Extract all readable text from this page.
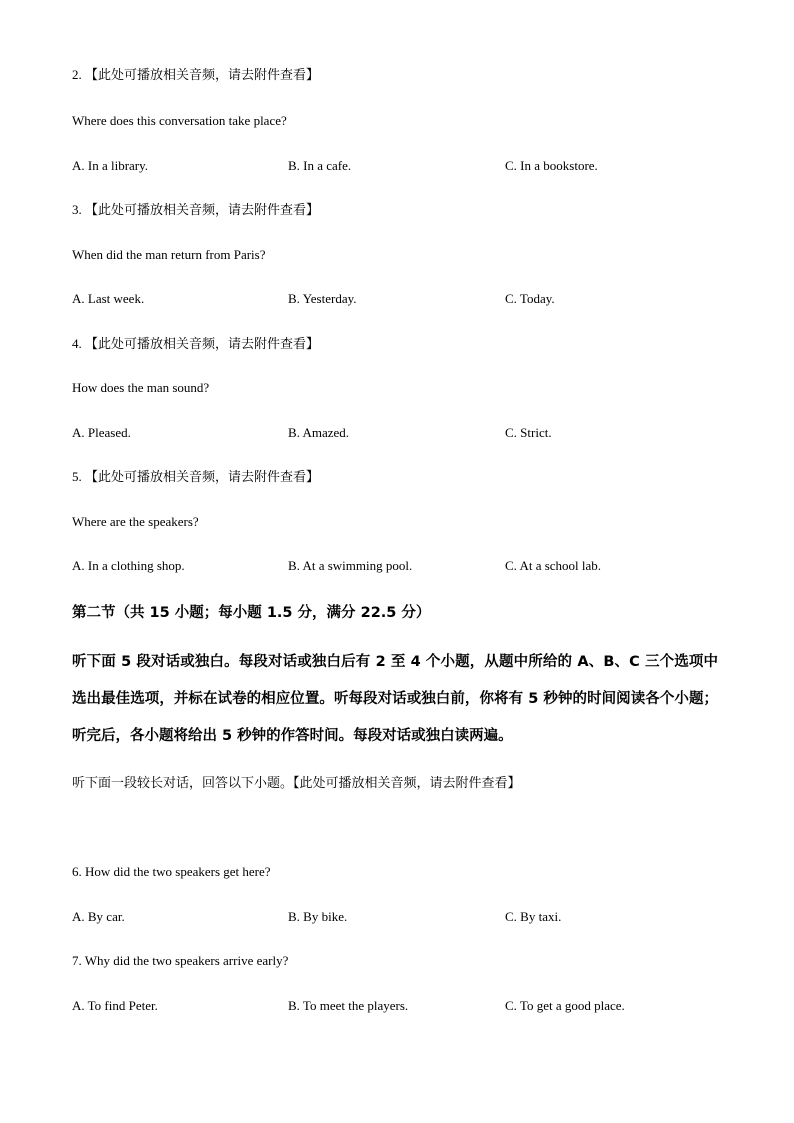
2. 【此处可播放相关音频，请去附件查看】
Where does this conversation take place?
A. In a library.	B. In a cafe.	C. In a bookstore.
3. 【此处可播放相关音频，请去附件查看】
When did the man return from Paris?
A. Last week.	B. Yesterday.	C. Today.
4. 【此处可播放相关音频，请去附件查看】
How does the man sound?
A. Pleased.	B. Amazed.	C. Strict.
5. 【此处可播放相关音频，请去附件查看】
Where are the speakers?
A. In a clothing shop.	B. At a swimming pool.	C. At a school lab.
第二节（共 15 小题；每小题 1.5 分，满分 22.5 分）

听下面 5 段对话或独白。每段对话或独白后有 2 至 4 个小题，从题中所给的 A、B、C 三个选项中选出最佳选项，并标在试卷的相应位置。听每段对话或独白前，你将有 5 秒钟的时间阅读各个小题；听完后，各小题将给出 5 秒钟的作答时间。每段对话或独白读两遍。

听下面一段较长对话，回答以下小题。【此处可播放相关音频，请去附件查看】
6. How did the two speakers get here?
A. By car.	B. By bike.	C. By taxi.
7. Why did the two speakers arrive early?
A. To find Peter.	B. To meet the players.	C. To get a good place.
